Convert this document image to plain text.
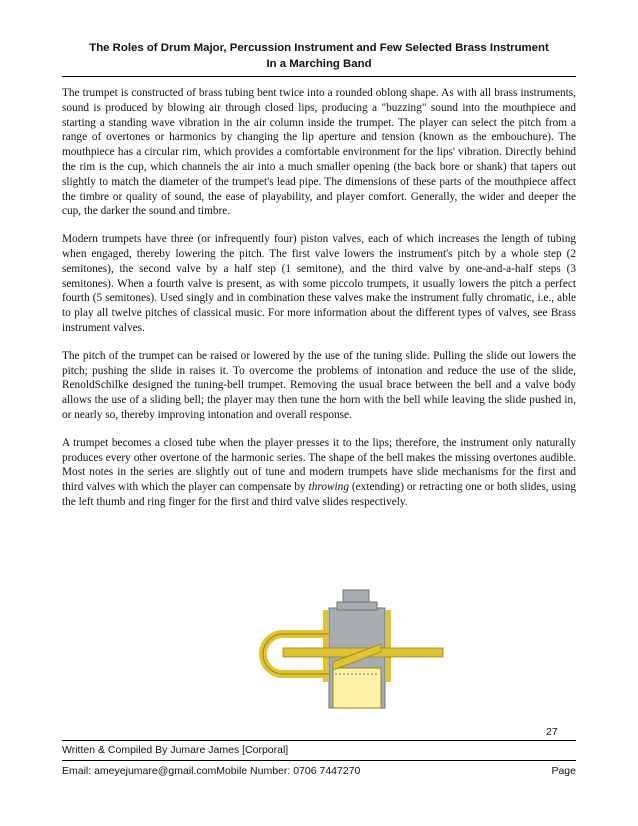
The Roles of Drum Major, Percussion Instrument and Few Selected Brass Instrument
In a Marching Band

The trumpet is constructed of brass tubing bent twice into a rounded oblong shape. As with all brass instruments, sound is produced by blowing air through closed lips, producing a "buzzing" sound into the mouthpiece and starting a standing wave vibration in the air column inside the trumpet. The player can select the pitch from a range of overtones or harmonics by changing the lip aperture and tension (known as the embouchure). The mouthpiece has a circular rim, which provides a comfortable environment for the lips' vibration. Directly behind the rim is the cup, which channels the air into a much smaller opening (the back bore or shank) that tapers out slightly to match the diameter of the trumpet's lead pipe. The dimensions of these parts of the mouthpiece affect the timbre or quality of sound, the ease of playability, and player comfort. Generally, the wider and deeper the cup, the darker the sound and timbre.

Modern trumpets have three (or infrequently four) piston valves, each of which increases the length of tubing when engaged, thereby lowering the pitch. The first valve lowers the instrument's pitch by a whole step (2 semitones), the second valve by a half step (1 semitone), and the third valve by one-and-a-half steps (3 semitones). When a fourth valve is present, as with some piccolo trumpets, it usually lowers the pitch a perfect fourth (5 semitones). Used singly and in combination these valves make the instrument fully chromatic, i.e., able to play all twelve pitches of classical music. For more information about the different types of valves, see Brass instrument valves.

The pitch of the trumpet can be raised or lowered by the use of the tuning slide. Pulling the slide out lowers the pitch; pushing the slide in raises it. To overcome the problems of intonation and reduce the use of the slide, RenoldSchilke designed the tuning-bell trumpet. Removing the usual brace between the bell and a valve body allows the use of a sliding bell; the player may then tune the horn with the bell while leaving the slide pushed in, or nearly so, thereby improving intonation and overall response.

A trumpet becomes a closed tube when the player presses it to the lips; therefore, the instrument only naturally produces every other overtone of the harmonic series. The shape of the bell makes the missing overtones audible. Most notes in the series are slightly out of tune and modern trumpets have slide mechanisms for the first and third valves with which the player can compensate by throwing (extending) or retracting one or both slides, using the left thumb and ring finger for the first and third valve slides respectively.

27
Written & Compiled By Jumare James [Corporal]
Email: ameyejumare@gmail.comMobile Number: 0706 7447270	Page
